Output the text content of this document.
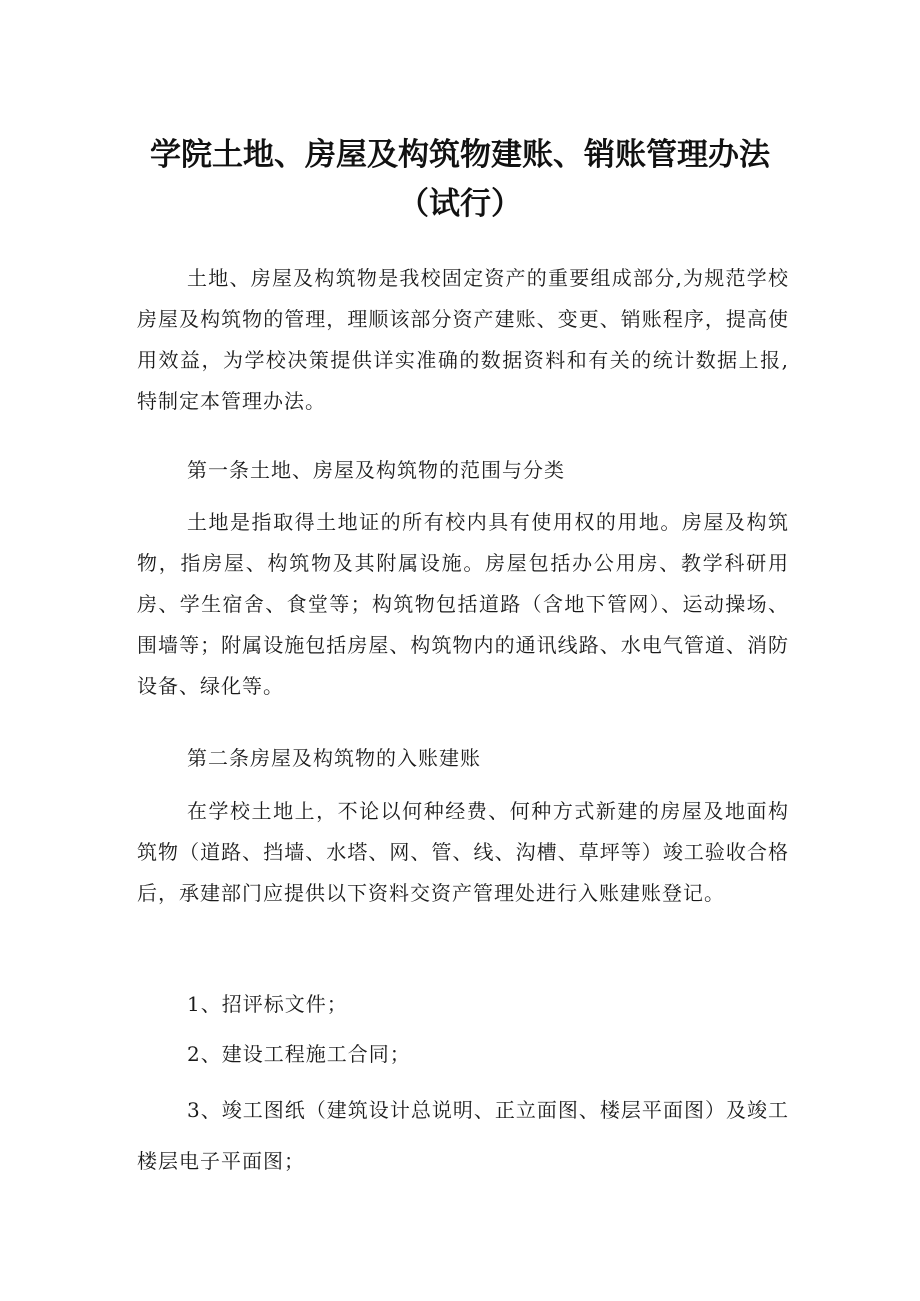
学院土地、房屋及构筑物建账、销账管理办法
（试行）

土地、房屋及构筑物是我校固定资产的重要组成部分,为规范学校房屋及构筑物的管理，理顺该部分资产建账、变更、销账程序，提高使用效益，为学校决策提供详实准确的数据资料和有关的统计数据上报,特制定本管理办法。

第一条土地、房屋及构筑物的范围与分类

土地是指取得土地证的所有校内具有使用权的用地。房屋及构筑物，指房屋、构筑物及其附属设施。房屋包括办公用房、教学科研用房、学生宿舍、食堂等；构筑物包括道路（含地下管网）、运动操场、围墙等；附属设施包括房屋、构筑物内的通讯线路、水电气管道、消防设备、绿化等。

第二条房屋及构筑物的入账建账

在学校土地上，不论以何种经费、何种方式新建的房屋及地面构筑物（道路、挡墙、水塔、网、管、线、沟槽、草坪等）竣工验收合格后，承建部门应提供以下资料交资产管理处进行入账建账登记。

1、招评标文件；

2、建设工程施工合同；

3、竣工图纸（建筑设计总说明、正立面图、楼层平面图）及竣工楼层电子平面图；
